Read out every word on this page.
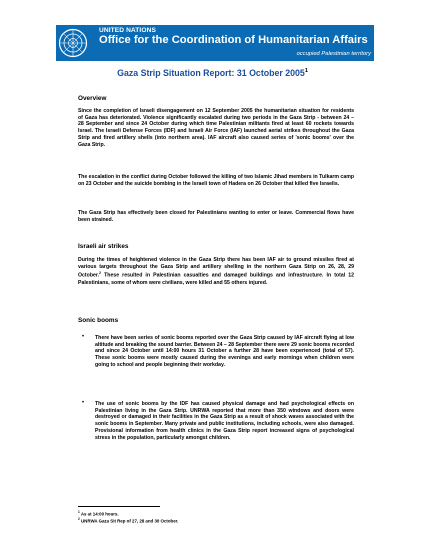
UNITED NATIONS
Office for the Coordination of Humanitarian Affairs
occupied Palestinian territory
Gaza Strip Situation Report: 31 October 2005$^1$
Overview
Since the completion of Israeli disengagement on 12 September 2005 the humanitarian situation for residents of Gaza has deteriorated. Violence significantly escalated during two periods in the Gaza Strip - between 24 – 28 September and since 24 October during which time Palestinian militants fired at least 60 rockets towards Israel. The Israeli Defense Forces (IDF) and Israeli Air Force (IAF) launched aerial strikes throughout the Gaza Strip and fired artillery shells (into northern area). IAF aircraft also caused series of 'sonic booms' over the Gaza Strip.
The escalation in the conflict during October followed the killing of two Islamic Jihad members in Tulkarm camp on 23 October and the suicide bombing in the Israeli town of Hadera on 26 October that killed five Israelis.
The Gaza Strip has effectively been closed for Palestinians wanting to enter or leave. Commercial flows have been strained.
Israeli air strikes
During the times of heightened violence in the Gaza Strip there has been IAF air to ground missiles fired at various targets throughout the Gaza Strip and artillery shelling in the northern Gaza Strip on 26, 28, 29 October.$^2$ These resulted in Palestinian casualties and damaged buildings and infrastructure. In total 12 Palestinians, some of whom were civilians, were killed and 55 others injured.
Sonic booms
• There have been series of sonic booms reported over the Gaza Strip caused by IAF aircraft flying at low altitude and breaking the sound barrier. Between 24 – 28 September there were 29 sonic booms recorded and since 24 October until 14:00 hours 31 October a further 28 have been experienced (total of 57). These sonic booms were mostly caused during the evenings and early mornings when children were going to school and people beginning their workday.
• The use of sonic booms by the IDF has caused physical damage and had psychological effects on Palestinian living in the Gaza Strip. UNRWA reported that more than 350 windows and doors were destroyed or damaged in their facilities in the Gaza Strip as a result of shock waves associated with the sonic booms in September. Many private and public institutions, including schools, were also damaged. Provisional information from health clinics in the Gaza Strip report increased signs of psychological stress in the population, particularly amongst children.
$^1$ As at 14:00 hours.
$^2$ UNRWA Gaza Sit Rep of 27, 28 and 30 October.
